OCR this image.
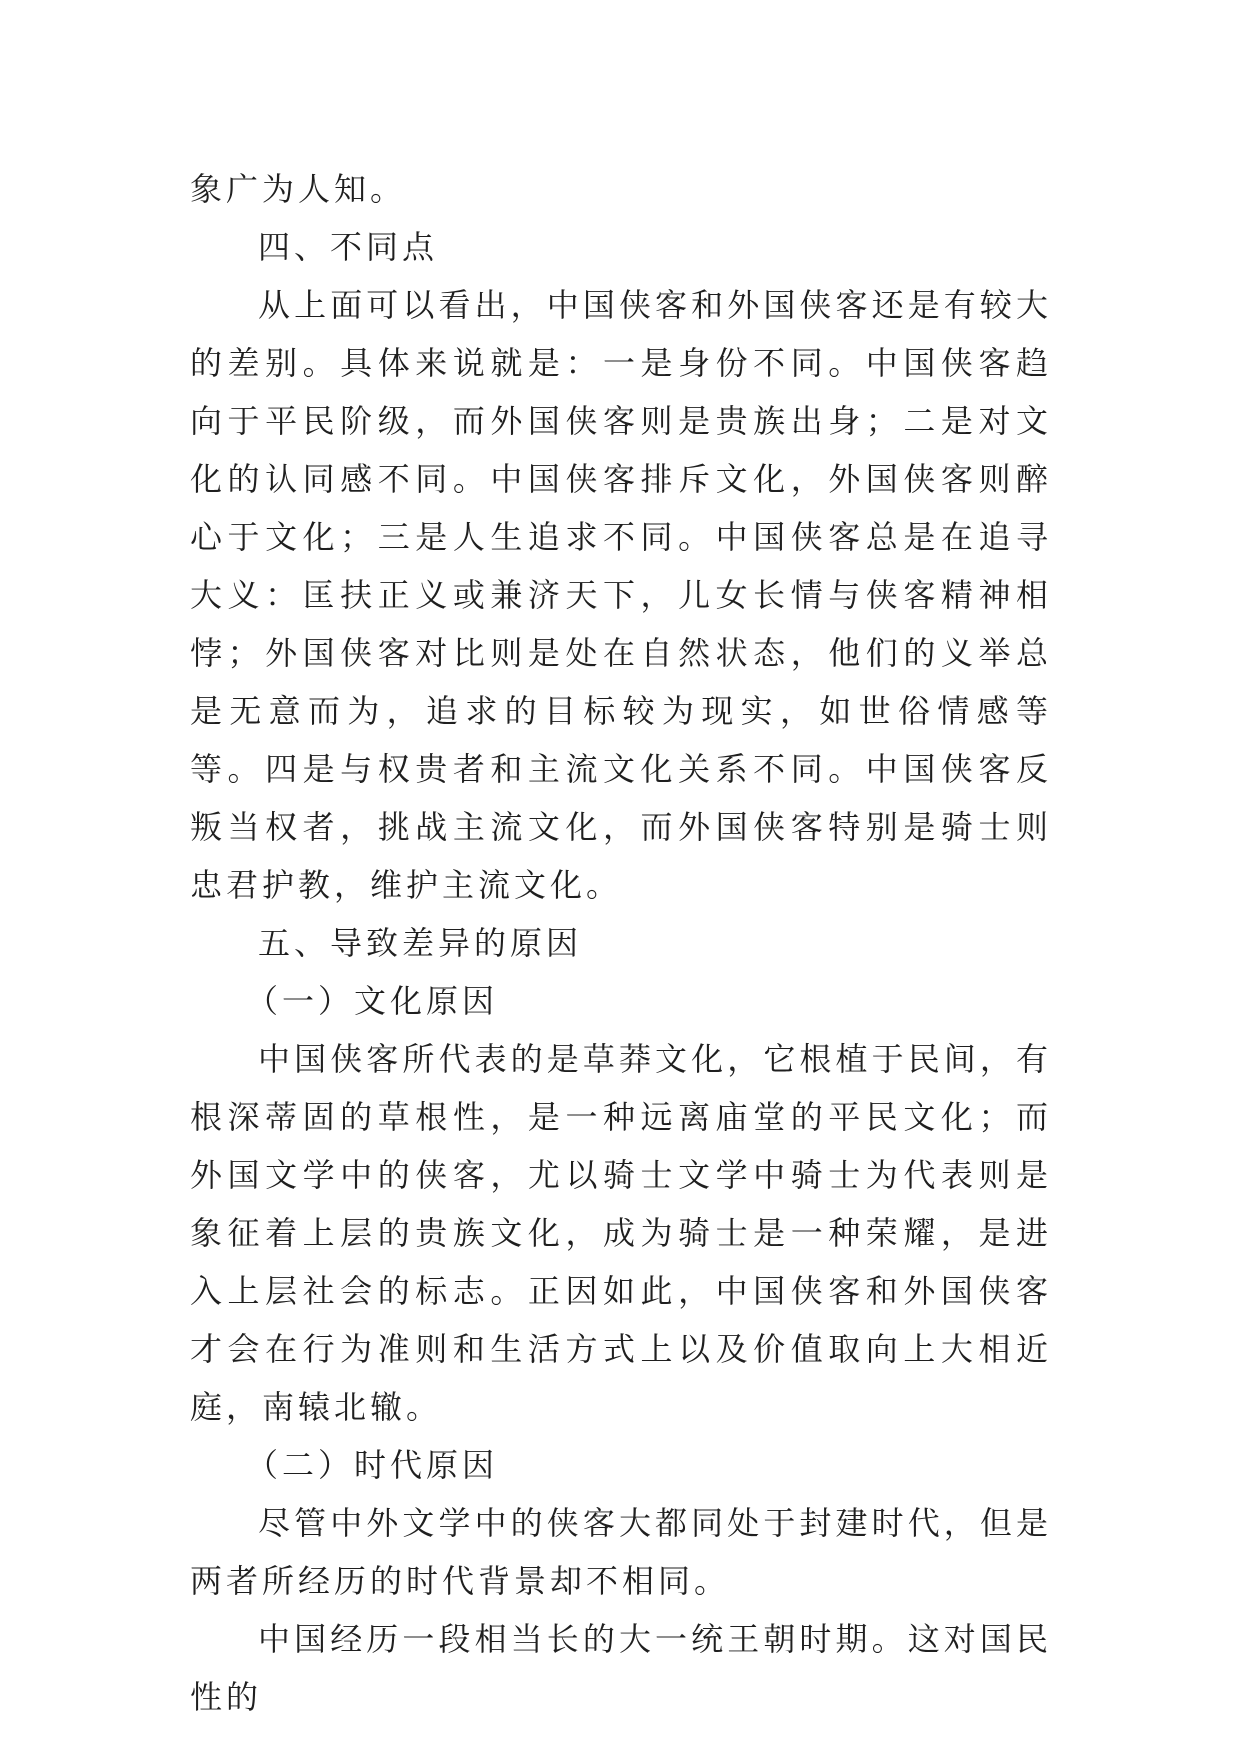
象广为人知。

四、不同点

从上面可以看出，中国侠客和外国侠客还是有较大的差别。具体来说就是：一是身份不同。中国侠客趋向于平民阶级，而外国侠客则是贵族出身；二是对文化的认同感不同。中国侠客排斥文化，外国侠客则醉心于文化；三是人生追求不同。中国侠客总是在追寻大义：匡扶正义或兼济天下，儿女长情与侠客精神相悖；外国侠客对比则是处在自然状态，他们的义举总是无意而为，追求的目标较为现实，如世俗情感等等。四是与权贵者和主流文化关系不同。中国侠客反叛当权者，挑战主流文化，而外国侠客特别是骑士则忠君护教，维护主流文化。

五、导致差异的原因

（一）文化原因

中国侠客所代表的是草莽文化，它根植于民间，有根深蒂固的草根性，是一种远离庙堂的平民文化；而外国文学中的侠客，尤以骑士文学中骑士为代表则是象征着上层的贵族文化，成为骑士是一种荣耀，是进入上层社会的标志。正因如此，中国侠客和外国侠客才会在行为准则和生活方式上以及价值取向上大相近庭，南辕北辙。

（二）时代原因

尽管中外文学中的侠客大都同处于封建时代，但是两者所经历的时代背景却不相同。

中国经历一段相当长的大一统王朝时期。这对国民性的
